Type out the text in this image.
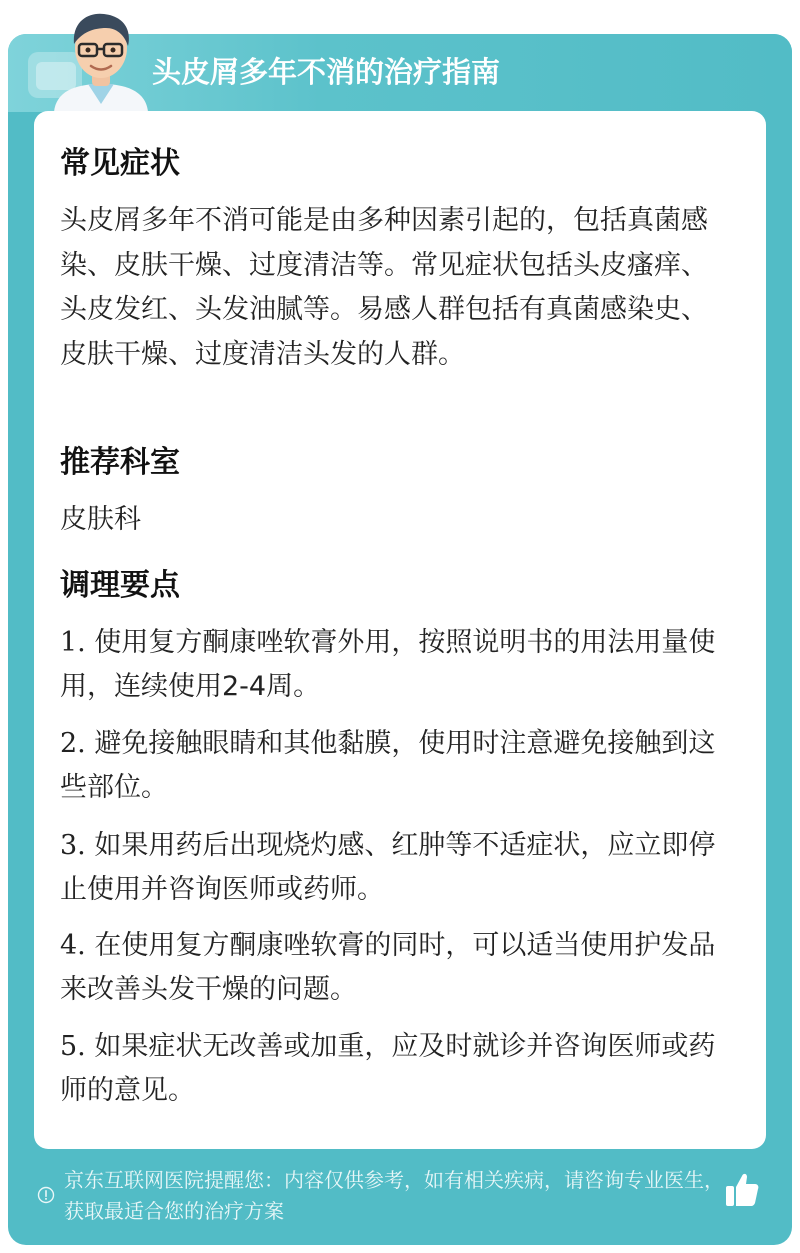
头皮屑多年不消的治疗指南
常见症状
头皮屑多年不消可能是由多种因素引起的，包括真菌感染、皮肤干燥、过度清洁等。常见症状包括头皮瘙痒、头皮发红、头发油腻等。易感人群包括有真菌感染史、皮肤干燥、过度清洁头发的人群。
推荐科室
皮肤科
调理要点
1. 使用复方酮康唑软膏外用，按照说明书的用法用量使用，连续使用2-4周。
2. 避免接触眼睛和其他黏膜，使用时注意避免接触到这些部位。
3. 如果用药后出现烧灼感、红肿等不适症状，应立即停止使用并咨询医师或药师。
4. 在使用复方酮康唑软膏的同时，可以适当使用护发品来改善头发干燥的问题。
5. 如果症状无改善或加重，应及时就诊并咨询医师或药师的意见。
京东互联网医院提醒您：内容仅供参考，如有相关疾病，请咨询专业医生，获取最适合您的治疗方案
